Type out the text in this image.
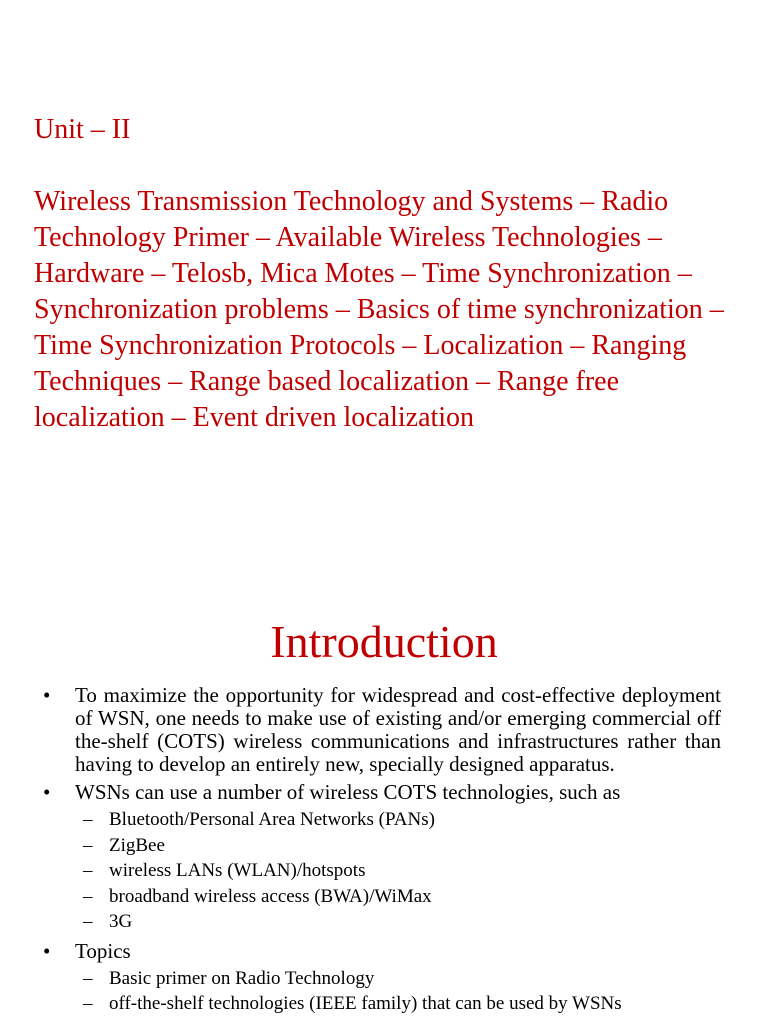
Unit – II

Wireless Transmission Technology and Systems – Radio Technology Primer – Available Wireless Technologies – Hardware – Telosb, Mica Motes – Time Synchronization – Synchronization problems – Basics of time synchronization – Time Synchronization Protocols – Localization – Ranging Techniques – Range based localization – Range free localization – Event driven localization

Introduction
• To maximize the opportunity for widespread and cost-effective deployment of WSN, one needs to make use of existing and/or emerging commercial off the-shelf (COTS) wireless communications and infrastructures rather than having to develop an entirely new, specially designed apparatus.
• WSNs can use a number of wireless COTS technologies, such as
– Bluetooth/Personal Area Networks (PANs)
– ZigBee
– wireless LANs (WLAN)/hotspots
– broadband wireless access (BWA)/WiMax
– 3G
• Topics
– Basic primer on Radio Technology
– off-the-shelf technologies (IEEE family) that can be used by WSNs
